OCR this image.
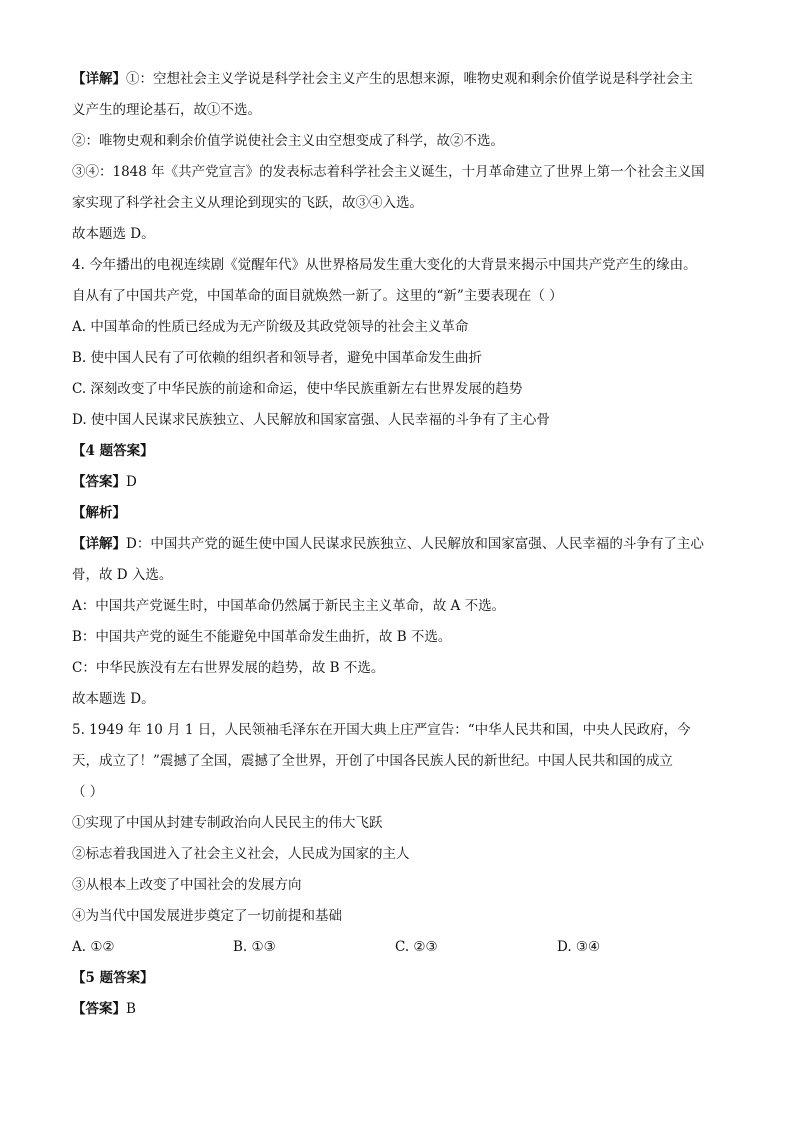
【详解】①：空想社会主义学说是科学社会主义产生的思想来源，唯物史观和剩余价值学说是科学社会主
义产生的理论基石，故①不选。
②：唯物史观和剩余价值学说使社会主义由空想变成了科学，故②不选。
③④：1848 年《共产党宣言》的发表标志着科学社会主义诞生，十月革命建立了世界上第一个社会主义国
家实现了科学社会主义从理论到现实的飞跃，故③④入选。
故本题选 D。
4. 今年播出的电视连续剧《觉醒年代》从世界格局发生重大变化的大背景来揭示中国共产党产生的缘由。
自从有了中国共产党，中国革命的面目就焕然一新了。这里的“新”主要表现在（ ）
A. 中国革命的性质已经成为无产阶级及其政党领导的社会主义革命
B. 使中国人民有了可依赖的组织者和领导者，避免中国革命发生曲折
C. 深刻改变了中华民族的前途和命运，使中华民族重新左右世界发展的趋势
D. 使中国人民谋求民族独立、人民解放和国家富强、人民幸福的斗争有了主心骨
【4 题答案】
【答案】D
【解析】
【详解】D：中国共产党的诞生使中国人民谋求民族独立、人民解放和国家富强、人民幸福的斗争有了主心
骨，故 D 入选。
A：中国共产党诞生时，中国革命仍然属于新民主主义革命，故 A 不选。
B：中国共产党的诞生不能避免中国革命发生曲折，故 B 不选。
C：中华民族没有左右世界发展的趋势，故 B 不选。
故本题选 D。
5. 1949 年 10 月 1 日，人民领袖毛泽东在开国大典上庄严宣告：“中华人民共和国，中央人民政府，今
天，成立了！”震撼了全国，震撼了全世界，开创了中国各民族人民的新世纪。中国人民共和国的成立
（ ）
①实现了中国从封建专制政治向人民民主的伟大飞跃
②标志着我国进入了社会主义社会，人民成为国家的主人
③从根本上改变了中国社会的发展方向
④为当代中国发展进步奠定了一切前提和基础
A. ①②	B. ①③	C. ②③	D. ③④
【5 题答案】
【答案】B
